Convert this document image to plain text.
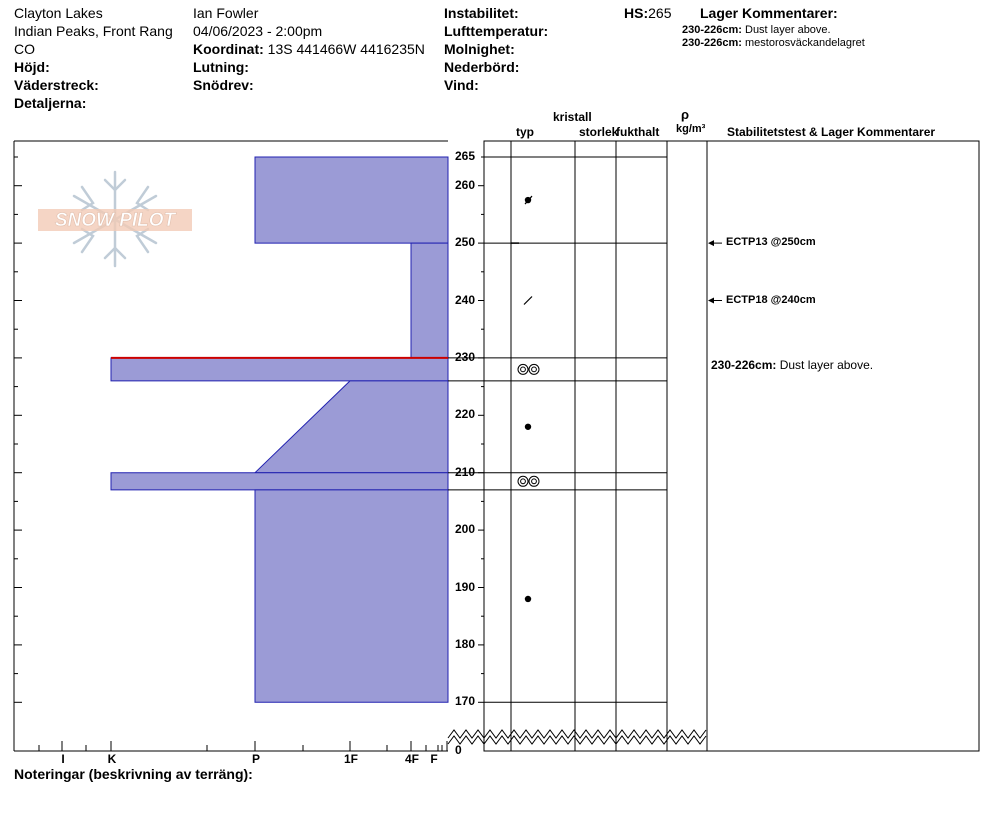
Clayton Lakes
Indian Peaks, Front Rang
CO
Höjd:
Väderstreck:
Detaljerna:
Ian Fowler
04/06/2023 - 2:00pm
Koordinat: 13S 441466W 4416235N
Lutning:
Snödrev:
Instabilitet:
Lufttemperatur:
Molnighet:
Nederbörd:
Vind:
HS:265 Lager Kommentarer:
230-226cm: Dust layer above.
230-226cm: mestorosväckandelagret
kristall
typ	storlek
fukthalt
ρ
kg/m³ Stabilitetstest & Lager Kommentarer
SNOW PILOT
I	K	P	1F	4F F
265
260
250
240
230
220
210
200
190
180
170
0
ECTP13 @250cm
ECTP18 @240cm
230-226cm: Dust layer above.
Noteringar (beskrivning av terräng):
